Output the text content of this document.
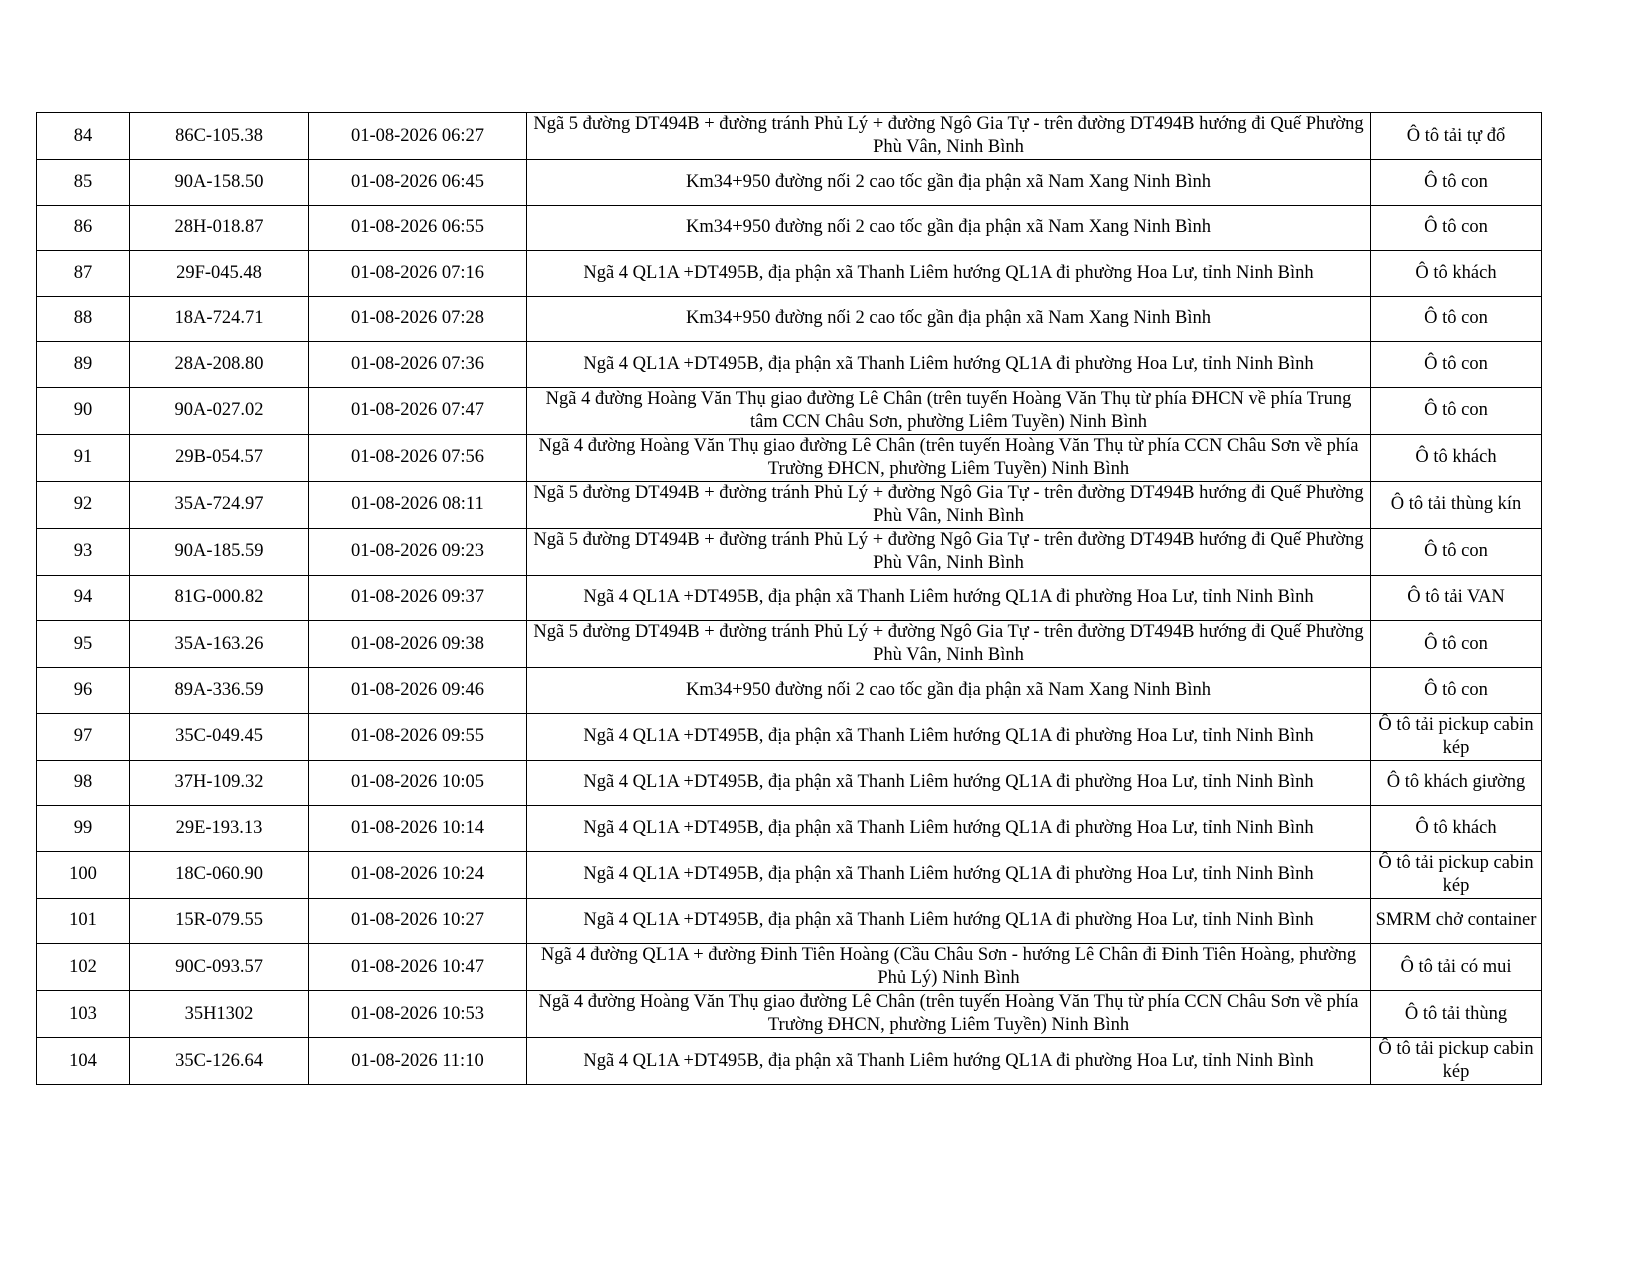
84	86C-105.38	01-08-2026 06:27	Ngã 5 đường DT494B + đường tránh Phủ Lý + đường Ngô Gia Tự - trên đường DT494B hướng đi Quế Phường Phù Vân, Ninh Bình	Ô tô tải tự đổ
85	90A-158.50	01-08-2026 06:45	Km34+950 đường nối 2 cao tốc gần địa phận xã Nam Xang Ninh Bình	Ô tô con
86	28H-018.87	01-08-2026 06:55	Km34+950 đường nối 2 cao tốc gần địa phận xã Nam Xang Ninh Bình	Ô tô con
87	29F-045.48	01-08-2026 07:16	Ngã 4 QL1A +DT495B, địa phận xã Thanh Liêm hướng QL1A đi phường Hoa Lư, tỉnh Ninh Bình	Ô tô khách
88	18A-724.71	01-08-2026 07:28	Km34+950 đường nối 2 cao tốc gần địa phận xã Nam Xang Ninh Bình	Ô tô con
89	28A-208.80	01-08-2026 07:36	Ngã 4 QL1A +DT495B, địa phận xã Thanh Liêm hướng QL1A đi phường Hoa Lư, tỉnh Ninh Bình	Ô tô con
90	90A-027.02	01-08-2026 07:47	Ngã 4 đường Hoàng Văn Thụ giao đường Lê Chân (trên tuyến Hoàng Văn Thụ từ phía ĐHCN về phía Trung tâm CCN Châu Sơn, phường Liêm Tuyền) Ninh Bình	Ô tô con
91	29B-054.57	01-08-2026 07:56	Ngã 4 đường Hoàng Văn Thụ giao đường Lê Chân (trên tuyến Hoàng Văn Thụ từ phía CCN Châu Sơn về phía Trường ĐHCN, phường Liêm Tuyền) Ninh Bình	Ô tô khách
92	35A-724.97	01-08-2026 08:11	Ngã 5 đường DT494B + đường tránh Phủ Lý + đường Ngô Gia Tự - trên đường DT494B hướng đi Quế Phường Phù Vân, Ninh Bình	Ô tô tải thùng kín
93	90A-185.59	01-08-2026 09:23	Ngã 5 đường DT494B + đường tránh Phủ Lý + đường Ngô Gia Tự - trên đường DT494B hướng đi Quế Phường Phù Vân, Ninh Bình	Ô tô con
94	81G-000.82	01-08-2026 09:37	Ngã 4 QL1A +DT495B, địa phận xã Thanh Liêm hướng QL1A đi phường Hoa Lư, tỉnh Ninh Bình	Ô tô tải VAN
95	35A-163.26	01-08-2026 09:38	Ngã 5 đường DT494B + đường tránh Phủ Lý + đường Ngô Gia Tự - trên đường DT494B hướng đi Quế Phường Phù Vân, Ninh Bình	Ô tô con
96	89A-336.59	01-08-2026 09:46	Km34+950 đường nối 2 cao tốc gần địa phận xã Nam Xang Ninh Bình	Ô tô con
97	35C-049.45	01-08-2026 09:55	Ngã 4 QL1A +DT495B, địa phận xã Thanh Liêm hướng QL1A đi phường Hoa Lư, tỉnh Ninh Bình	Ô tô tải pickup cabin kép
98	37H-109.32	01-08-2026 10:05	Ngã 4 QL1A +DT495B, địa phận xã Thanh Liêm hướng QL1A đi phường Hoa Lư, tỉnh Ninh Bình	Ô tô khách giường
99	29E-193.13	01-08-2026 10:14	Ngã 4 QL1A +DT495B, địa phận xã Thanh Liêm hướng QL1A đi phường Hoa Lư, tỉnh Ninh Bình	Ô tô khách
100	18C-060.90	01-08-2026 10:24	Ngã 4 QL1A +DT495B, địa phận xã Thanh Liêm hướng QL1A đi phường Hoa Lư, tỉnh Ninh Bình	Ô tô tải pickup cabin kép
101	15R-079.55	01-08-2026 10:27	Ngã 4 QL1A +DT495B, địa phận xã Thanh Liêm hướng QL1A đi phường Hoa Lư, tỉnh Ninh Bình	SMRM chở container
102	90C-093.57	01-08-2026 10:47	Ngã 4 đường QL1A + đường Đinh Tiên Hoàng (Cầu Châu Sơn - hướng Lê Chân đi Đinh Tiên Hoàng, phường Phủ Lý) Ninh Bình	Ô tô tải có mui
103	35H1302	01-08-2026 10:53	Ngã 4 đường Hoàng Văn Thụ giao đường Lê Chân (trên tuyến Hoàng Văn Thụ từ phía CCN Châu Sơn về phía Trường ĐHCN, phường Liêm Tuyền) Ninh Bình	Ô tô tải thùng
104	35C-126.64	01-08-2026 11:10	Ngã 4 QL1A +DT495B, địa phận xã Thanh Liêm hướng QL1A đi phường Hoa Lư, tỉnh Ninh Bình	Ô tô tải pickup cabin kép
